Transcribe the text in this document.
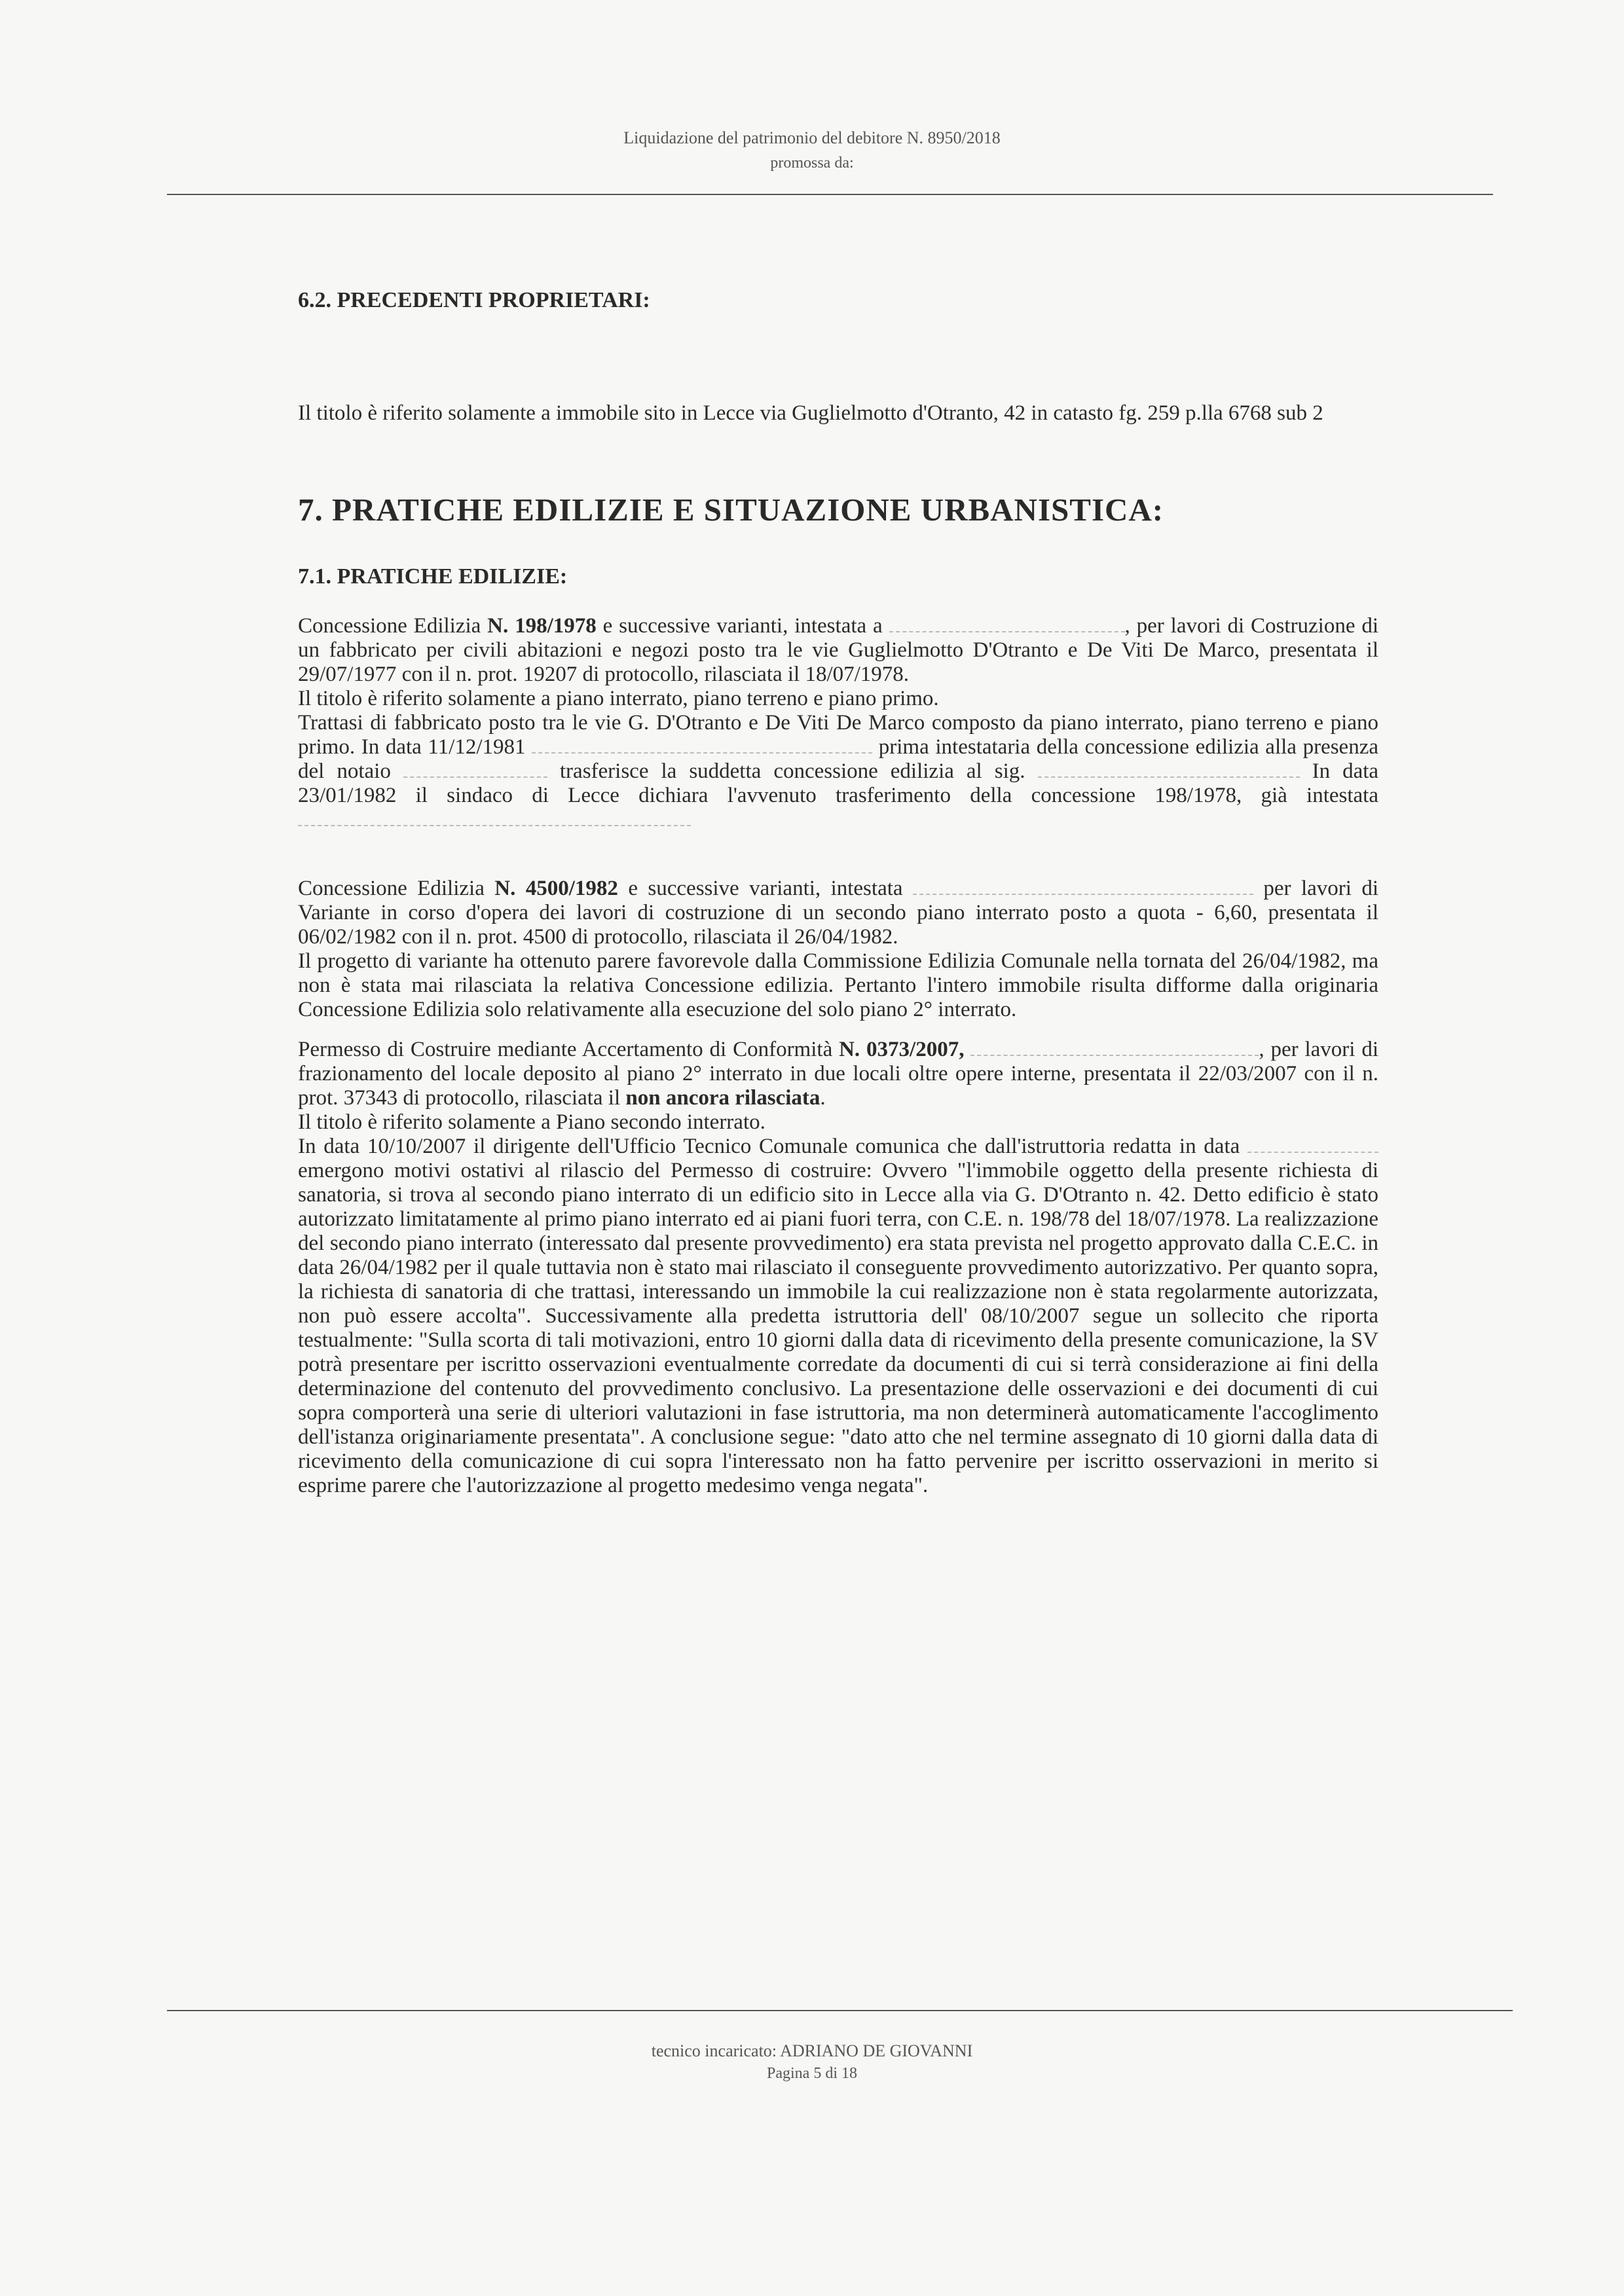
Liquidazione del patrimonio del debitore N. 8950/2018
promossa da:
6.2. PRECEDENTI PROPRIETARI:

Il titolo è riferito solamente a immobile sito in Lecce via Guglielmotto d'Otranto, 42 in catasto fg. 259 p.lla 6768 sub 2

7. PRATICHE EDILIZIE E SITUAZIONE URBANISTICA:
7.1. PRATICHE EDILIZIE:

Concessione Edilizia N. 198/1978 e successive varianti, intestata a	, per lavori di Costruzione di un fabbricato per civili abitazioni e negozi posto tra le vie Guglielmotto D'Otranto e De Viti De Marco, presentata il 29/07/1977 con il n. prot. 19207 di protocollo, rilasciata il 18/07/1978.

Il titolo è riferito solamente a piano interrato, piano terreno e piano primo.

Trattasi di fabbricato posto tra le vie G. D'Otranto e De Viti De Marco composto da piano interrato, piano terreno e piano primo. In data 11/12/1981	prima intestataria della concessione edilizia alla presenza del notaio	trasferisce la suddetta concessione edilizia al sig.	In data 23/01/1982 il sindaco di Lecce dichiara l'avvenuto trasferimento della concessione 198/1978, già intestata

Concessione Edilizia N. 4500/1982 e successive varianti, intestata	per lavori di Variante in corso d'opera dei lavori di costruzione di un secondo piano interrato posto a quota - 6,60, presentata il 06/02/1982 con il n. prot. 4500 di protocollo, rilasciata il 26/04/1982.

Il progetto di variante ha ottenuto parere favorevole dalla Commissione Edilizia Comunale nella tornata del 26/04/1982, ma non è stata mai rilasciata la relativa Concessione edilizia. Pertanto l'intero immobile risulta difforme dalla originaria Concessione Edilizia solo relativamente alla esecuzione del solo piano 2° interrato.

Permesso di Costruire mediante Accertamento di Conformità N. 0373/2007,	, per lavori di frazionamento del locale deposito al piano 2° interrato in due locali oltre opere interne, presentata il 22/03/2007 con il n. prot. 37343 di protocollo, rilasciata il non ancora rilasciata.

Il titolo è riferito solamente a Piano secondo interrato.

In data 10/10/2007 il dirigente dell'Ufficio Tecnico Comunale comunica che dall'istruttoria redatta in data  emergono motivi ostativi al rilascio del Permesso di costruire: Ovvero "l'immobile oggetto della presente richiesta di sanatoria, si trova al secondo piano interrato di un edificio sito in Lecce alla via G. D'Otranto n. 42. Detto edificio è stato autorizzato limitatamente al primo piano interrato ed ai piani fuori terra, con C.E. n. 198/78 del 18/07/1978. La realizzazione del secondo piano interrato (interessato dal presente provvedimento) era stata prevista nel progetto approvato dalla C.E.C. in data 26/04/1982 per il quale tuttavia non è stato mai rilasciato il conseguente provvedimento autorizzativo. Per quanto sopra, la richiesta di sanatoria di che trattasi, interessando un immobile la cui realizzazione non è stata regolarmente autorizzata, non può essere accolta". Successivamente alla predetta istruttoria dell' 08/10/2007 segue un sollecito che riporta testualmente: "Sulla scorta di tali motivazioni, entro 10 giorni dalla data di ricevimento della presente comunicazione, la SV potrà presentare per iscritto osservazioni eventualmente corredate da documenti di cui si terrà considerazione ai fini della determinazione del contenuto del provvedimento conclusivo. La presentazione delle osservazioni e dei documenti di cui sopra comporterà una serie di ulteriori valutazioni in fase istruttoria, ma non determinerà automaticamente l'accoglimento dell'istanza originariamente presentata". A conclusione segue: "dato atto che nel termine assegnato di 10 giorni dalla data di ricevimento della comunicazione di cui sopra l'interessato non ha fatto pervenire per iscritto osservazioni in merito si esprime parere che l'autorizzazione al progetto medesimo venga negata".

tecnico incaricato: ADRIANO DE GIOVANNI
Pagina 5 di 18
